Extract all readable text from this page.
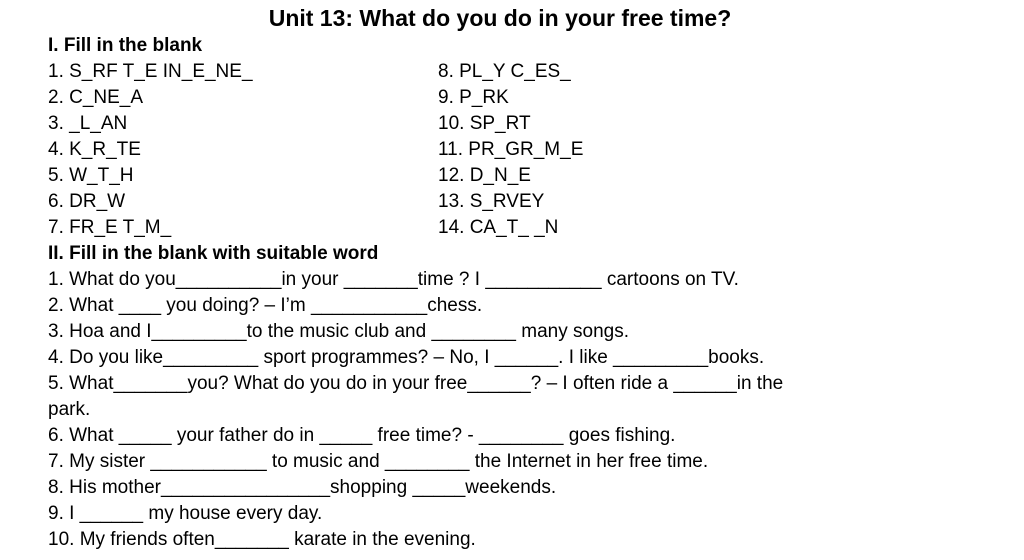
Unit 13: What do you do in your free time?
I. Fill in the blank
1. S_RF T_E IN_E_NE_
2. C_NE_A
3. _L_AN
4. K_R_TE
5. W_T_H
6. DR_W
7. FR_E T_M_
8. PL_Y C_ES_
9. P_RK
10. SP_RT
11. PR_GR_M_E
12. D_N_E
13. S_RVEY
14. CA_T_ _N
II. Fill in the blank with suitable word
1. What do you__________in your _______time ? I ___________ cartoons on TV.
2. What ____ you doing? – I’m ___________chess.
3. Hoa and I_________to the music club and ________ many songs.
4. Do you like_________ sport programmes? – No, I ______. I like _________books.
5. What_______you? What do you do in your free______? – I often ride a ______in the
park.
6. What _____ your father do in _____ free time? - ________ goes fishing.
7. My sister ___________ to music and ________ the Internet in her free time.
8. His mother________________shopping _____weekends.
9. I ______ my house every day.
10. My friends often_______ karate in the evening.
